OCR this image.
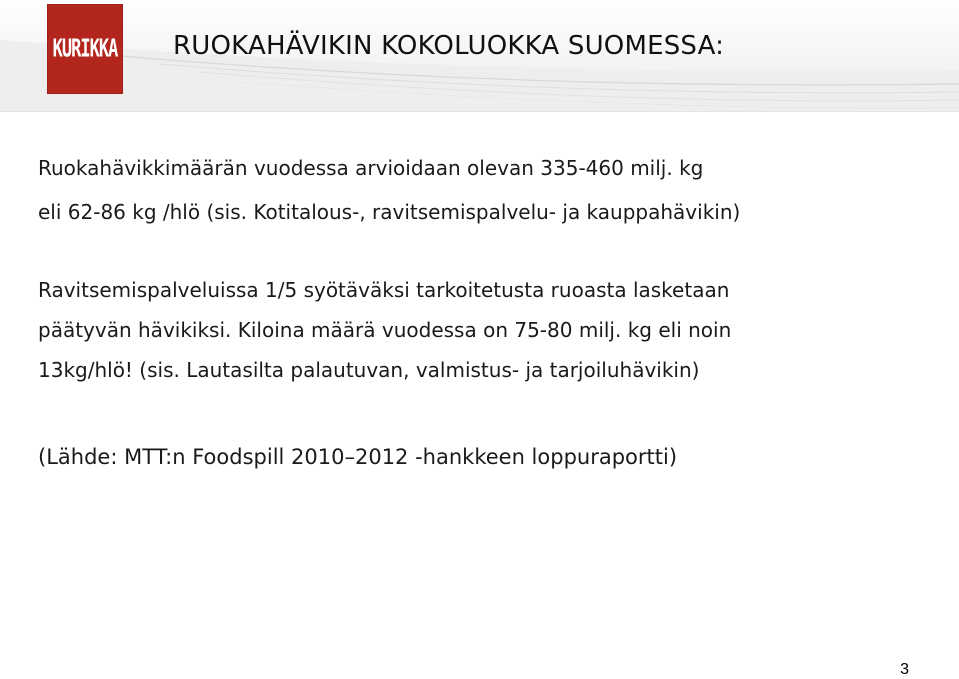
KURIKKA RUOKAHÄVIKIN KOKOLUOKKA SUOMESSA:

Ruokahävikkimäärän vuodessa arvioidaan olevan 335-460 milj. kg
eli 62-86 kg /hlö (sis. Kotitalous-, ravitsemispalvelu- ja kauppahävikin)

Ravitsemispalveluissa 1/5 syötäväksi tarkoitetusta ruoasta lasketaan
päätyvän hävikiksi. Kiloina määrä vuodessa on 75-80 milj. kg eli noin
13kg/hlö! (sis. Lautasilta palautuvan, valmistus- ja tarjoiluhävikin)

(Lähde: MTT:n Foodspill 2010–2012 -hankkeen loppuraportti)

3
